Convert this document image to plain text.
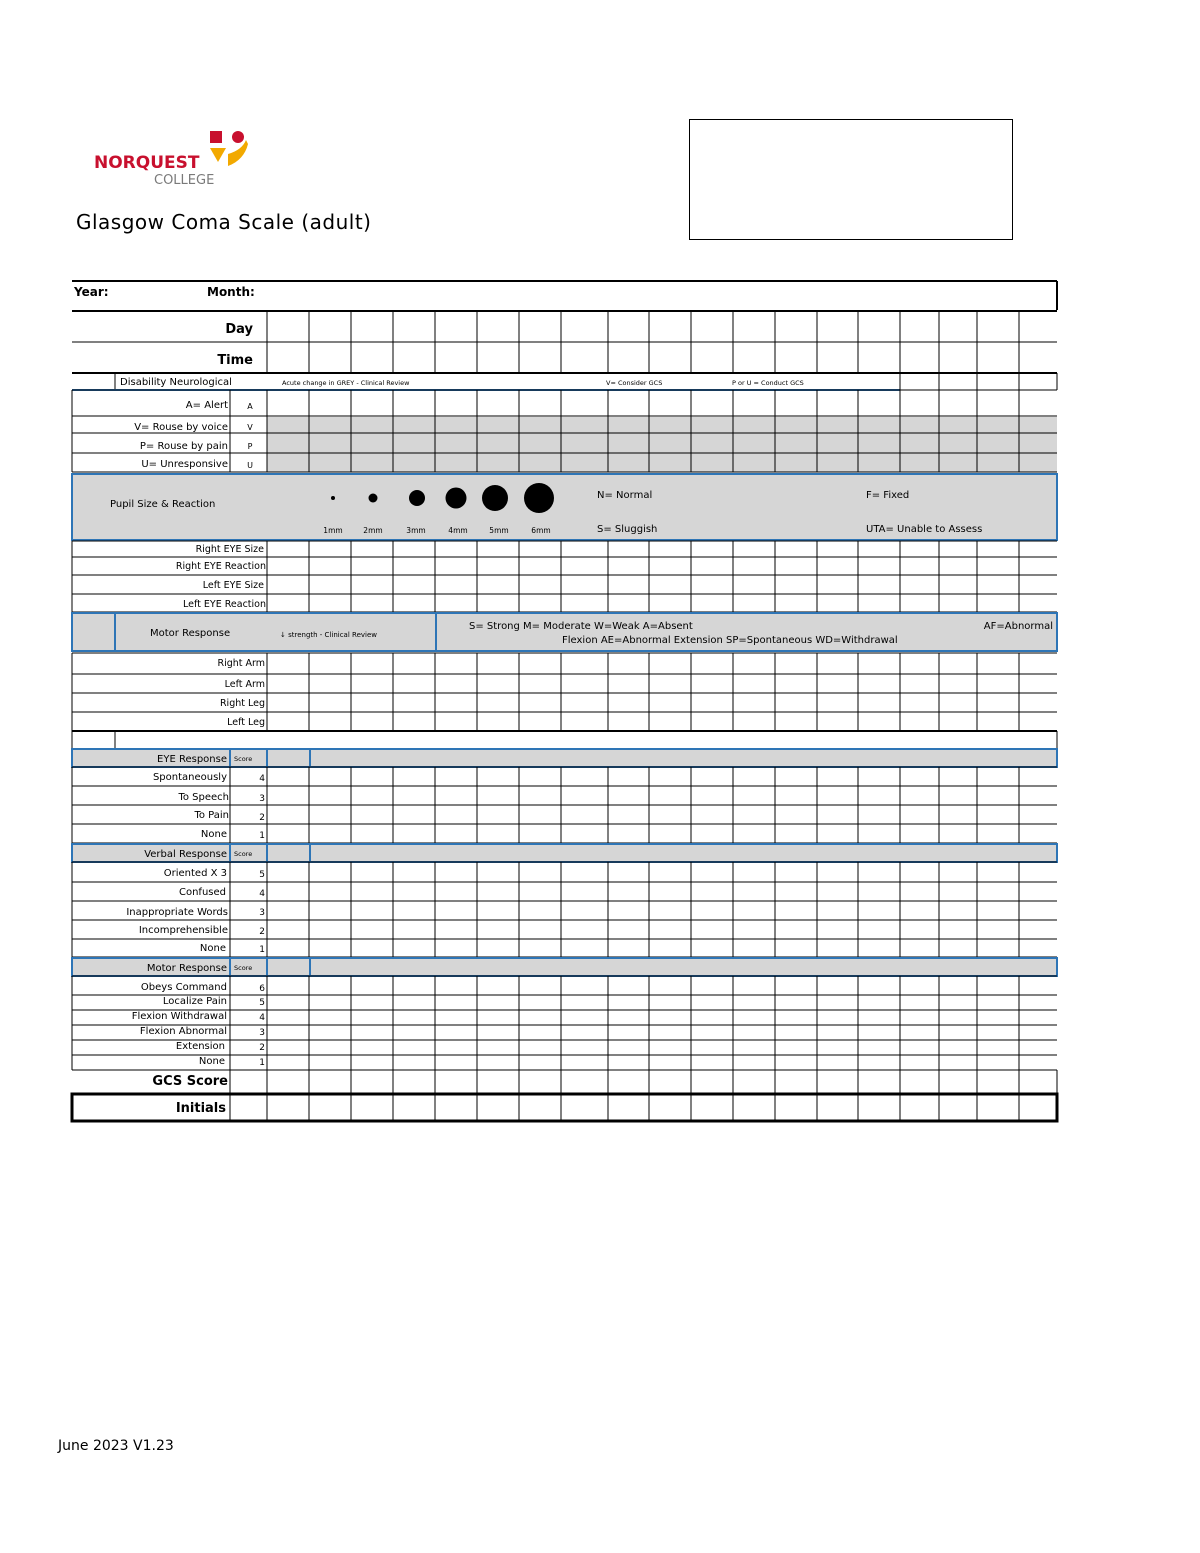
NORQUEST
COLLEGE
Glasgow Coma Scale (adult)
June 2023 V1.23
Year:	Month:
Day
Time
Disability Neurological	Acute change in GREY - Clinical Review	V= Consider GCS	P or U = Conduct GCS
A= Alert A
V= Rouse by voice V
P= Rouse by pain P
U= Unresponsive U
Pupil Size & Reaction
1mm	2mm	3mm	4mm	5mm	6mm
N= Normal	F= Fixed
S= Sluggish	UTA= Unable to Assess
Right EYE Size
Right EYE Reaction
Left EYE Size
Left EYE Reaction
Motor Response	↓ strength - Clinical Review
S= Strong M= Moderate W=Weak A=Absent	AF=Abnormal
Flexion AE=Abnormal Extension SP=Spontaneous WD=Withdrawal
Right Arm
Left Arm
Right Leg
Left Leg
EYE Response Score
Spontaneously	4
To Speech	3
To Pain	2
None	1
Verbal Response Score
Oriented X 3	5
Confused	4
Inappropriate Words	3
Incomprehensible	2
None	1
Motor Response Score
Obeys Command	6
Localize Pain	5
Flexion Withdrawal	4
Flexion Abnormal	3
Extension	2
None	1
GCS Score
Initials
